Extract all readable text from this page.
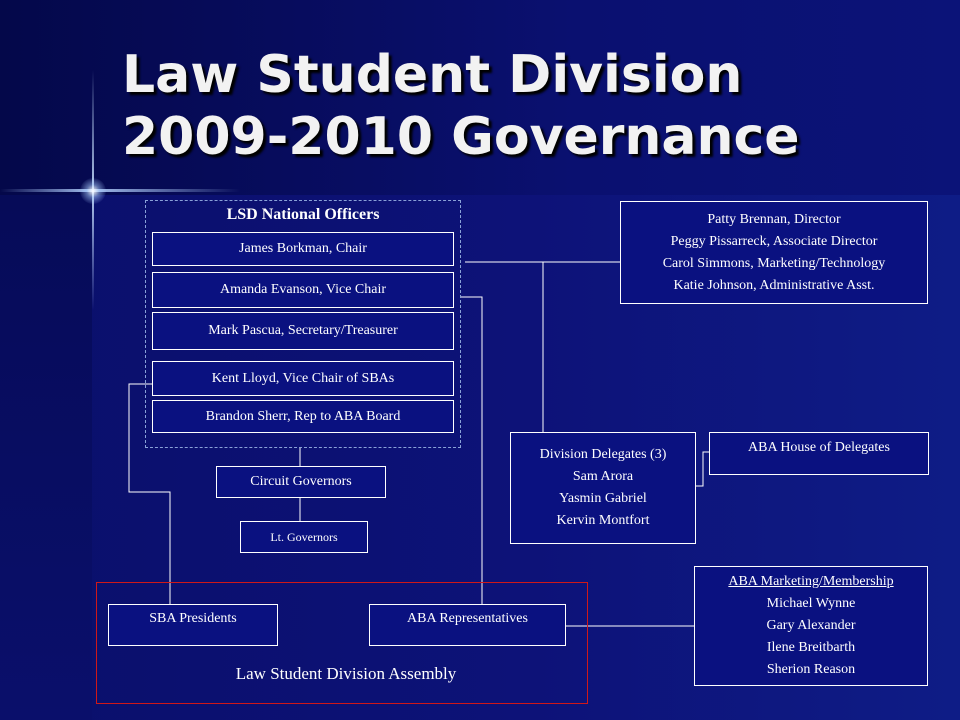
Law Student Division
2009-2010 Governance
LSD National Officers
James Borkman, Chair
Amanda Evanson, Vice Chair
Mark Pascua, Secretary/Treasurer
Kent Lloyd, Vice Chair of SBAs
Brandon Sherr, Rep to ABA Board
Patty Brennan, Director
Peggy Pissarreck, Associate Director
Carol Simmons, Marketing/Technology
Katie Johnson, Administrative Asst.
Circuit Governors
Lt. Governors
Division Delegates (3)
Sam Arora
Yasmin Gabriel
Kervin Montfort
ABA House of Delegates
ABA Marketing/Membership
Michael Wynne
Gary Alexander
Ilene Breitbarth
Sherion Reason
SBA Presidents	ABA Representatives
Law Student Division Assembly
